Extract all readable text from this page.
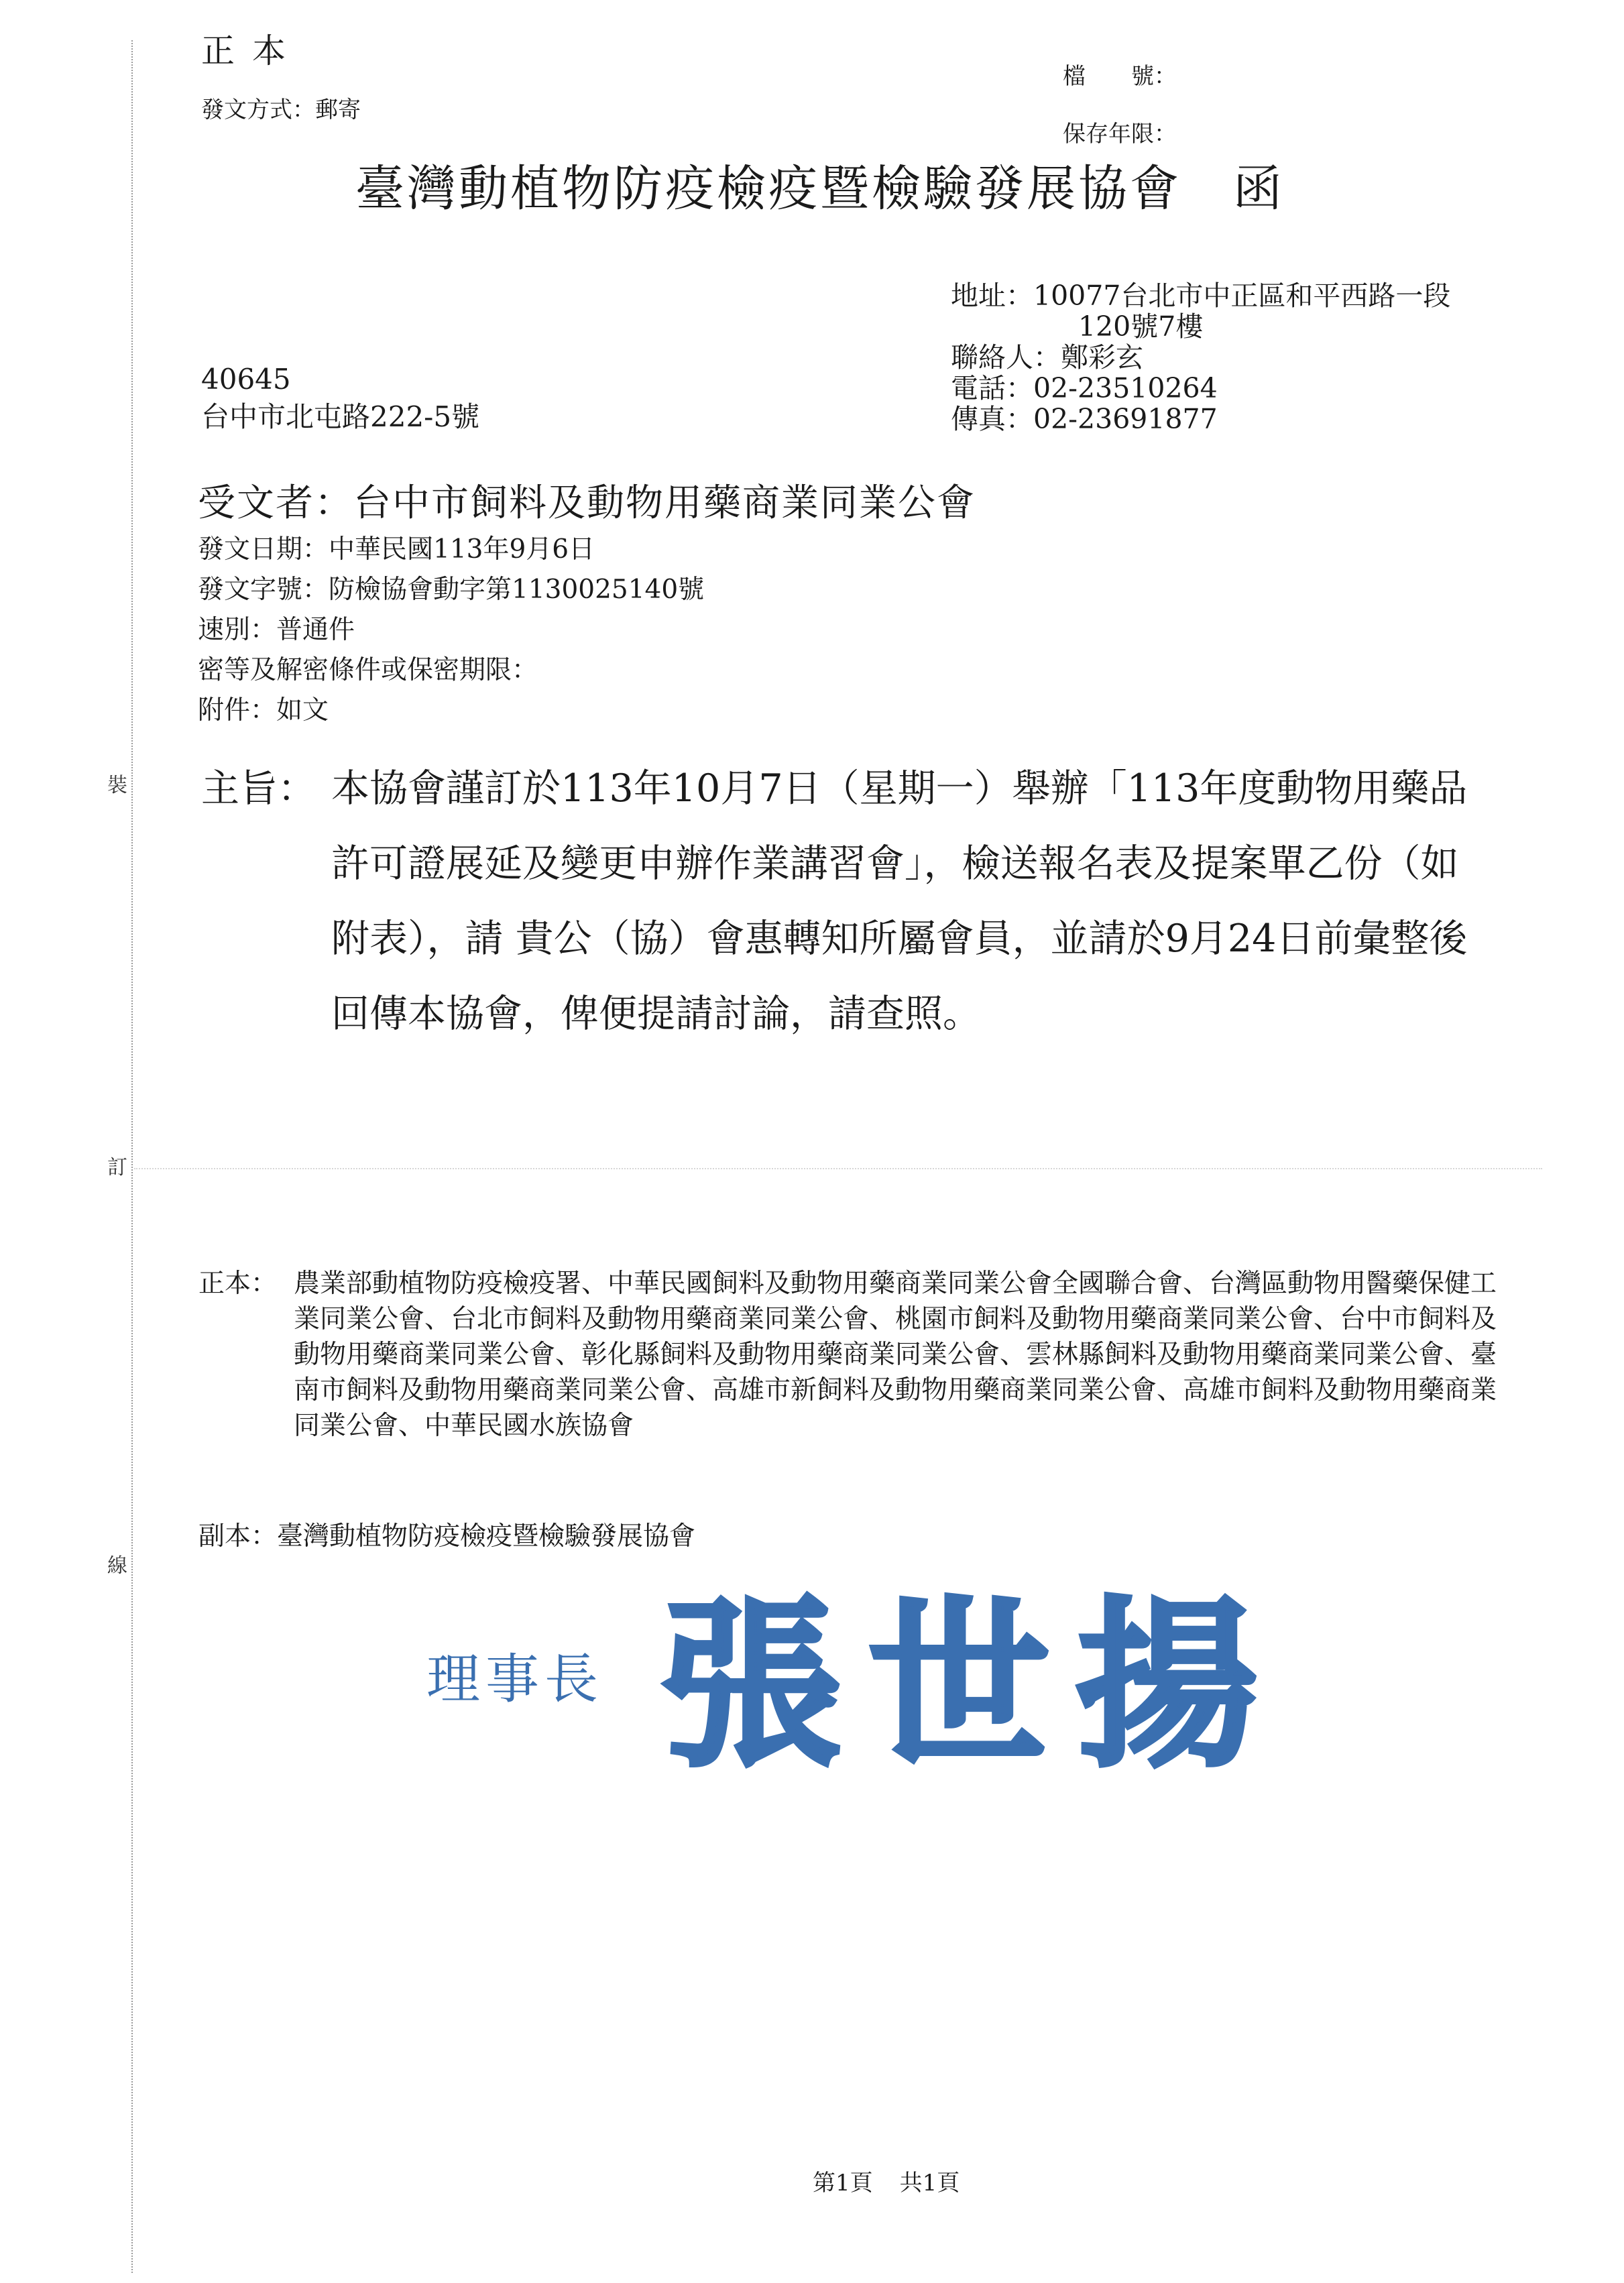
裝
訂
線
正本
發文方式：郵寄
檔　　號：
保存年限：
臺灣動植物防疫檢疫暨檢驗發展協會　函
地址：10077台北市中正區和平西路一段
120號7樓
聯絡人：鄭彩玄
電話：02-23510264
傳真：02-23691877
40645
台中市北屯路222-5號
受文者：台中市飼料及動物用藥商業同業公會
發文日期：中華民國113年9月6日
發文字號：防檢協會動字第1130025140號
速別：普通件
密等及解密條件或保密期限：
附件：如文
主旨： 本協會謹訂於113年10月7日（星期一）舉辦「113年度動物用藥品許可證展延及變更申辦作業講習會」，檢送報名表及提案單乙份（如附表），請 貴公（協）會惠轉知所屬會員，並請於9月24日前彙整後回傳本協會，俾便提請討論，請查照。
正本： 農業部動植物防疫檢疫署、中華民國飼料及動物用藥商業同業公會全國聯合會、台灣區動物用醫藥保健工業同業公會、台北市飼料及動物用藥商業同業公會、桃園市飼料及動物用藥商業同業公會、台中市飼料及動物用藥商業同業公會、彰化縣飼料及動物用藥商業同業公會、雲林縣飼料及動物用藥商業同業公會、臺南市飼料及動物用藥商業同業公會、高雄市新飼料及動物用藥商業同業公會、高雄市飼料及動物用藥商業同業公會、中華民國水族協會
副本：臺灣動植物防疫檢疫暨檢驗發展協會
理事長 張世揚
第1頁 共1頁
